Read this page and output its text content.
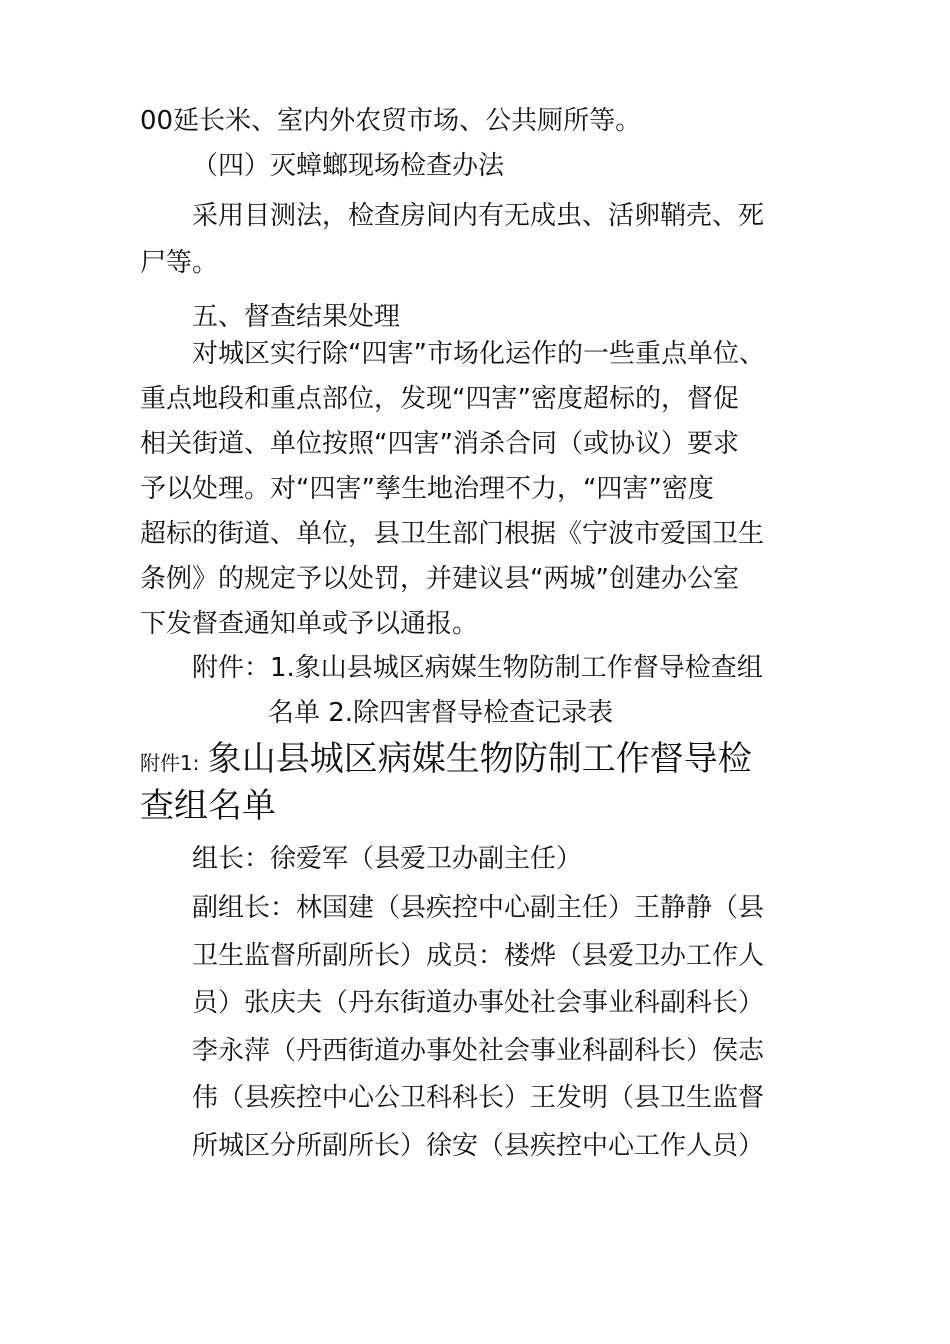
00延长米、室内外农贸市场、公共厕所等。
（四）灭蟑螂现场检查办法
采用目测法，检查房间内有无成虫、活卵鞘壳、死
尸等。
五、督查结果处理
对城区实行除“四害”市场化运作的一些重点单位、
重点地段和重点部位，发现“四害”密度超标的，督促
相关街道、单位按照“四害”消杀合同（或协议）要求
予以处理。对“四害”孳生地治理不力，“四害”密度
超标的街道、单位，县卫生部门根据《宁波市爱国卫生
条例》的规定予以处罚，并建议县“两城”创建办公室
下发督查通知单或予以通报。
附件：1.象山县城区病媒生物防制工作督导检查组
名单 2.除四害督导检查记录表
附件1: 象山县城区病媒生物防制工作督导检
查组名单
组长：徐爱军（县爱卫办副主任）
副组长：林国建（县疾控中心副主任）王静静（县
卫生监督所副所长）成员：楼烨（县爱卫办工作人
员）张庆夫（丹东街道办事处社会事业科副科长）
李永萍（丹西街道办事处社会事业科副科长）侯志
伟（县疾控中心公卫科科长）王发明（县卫生监督
所城区分所副所长）徐安（县疾控中心工作人员）
